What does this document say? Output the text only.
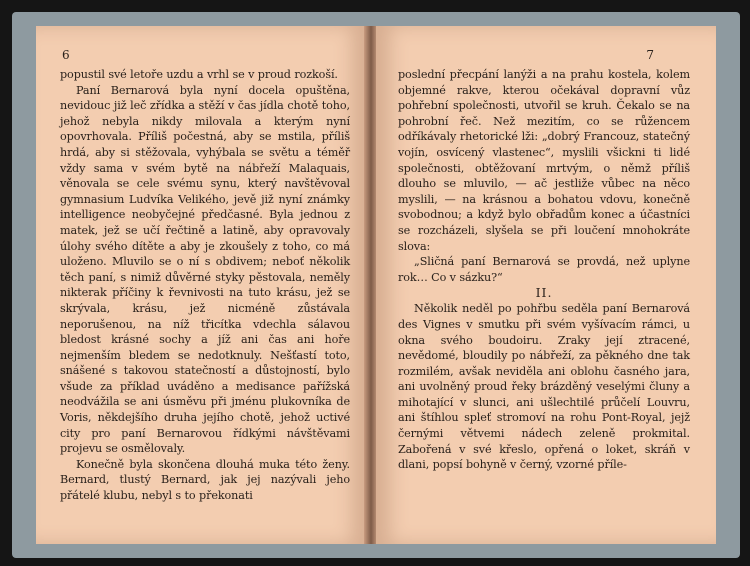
6

popustil své letoře uzdu a vrhl se v proud rozkoší.

Paní Bernarová byla nyní docela opuštěna, nevidouc již leč zřídka a stěží v čas jídla chotě toho, jehož nebyla nikdy milovala a kterým nyní opovrhovala. Příliš počestná, aby se mstila, příliš hrdá, aby si stěžovala, vyhýbala se světu a téměř vždy sama v svém bytě na nábřeží Malaquais, věnovala se cele svému synu, který navštěvoval gymnasium Ludvíka Velikého, jevě již nyní známky intelligence neobyčejné předčasné. Byla jednou z matek, jež se učí řečtině a latině, aby opravovaly úlohy svého dítěte a aby je zkoušely z toho, co má uloženo. Mluvilo se o ní s obdivem; neboť několik těch paní, s nimiž důvěrné styky pěstovala, neměly nikterak příčiny k řevnivosti na tuto krásu, jež se skrývala, krásu, jež nicméně zůstávala neporušenou, na níž třicítka vdechla sálavou bledost krásné sochy a jíž ani čas ani hoře nejmenším bledem se nedotknuly. Nešťastí toto, snášené s takovou statečností a důstojností, bylo všude za příklad uváděno a medisance pařížská neodvážila se ani úsměvu při jménu plukovníka de Voris, někdejšího druha jejího chotě, jehož uctivé city pro paní Bernarovou řídkými návštěvami projevu se osmělovaly.

Konečně byla skončena dlouhá muka této ženy. Bernard, tlustý Bernard, jak jej nazývali jeho přátelé klubu, nebyl s to překonati

7

poslední přecpání lanýži a na prahu kostela, kolem objemné rakve, kterou očekával dopravní vůz pohřební společnosti, utvořil se kruh. Čekalo se na pohrobní řeč. Než mezitím, co se růžencem odříkávaly rhetorické lži: „dobrý Francouz, statečný vojín, osvícený vlastenec“, myslili všickni ti lidé společnosti, obtěžovaní mrtvým, o němž příliš dlouho se mluvilo, — ač jestliže vůbec na něco myslili, — na krásnou a bohatou vdovu, konečně svobodnou; a když bylo obřadům konec a účastníci se rozcházeli, slyšela se při loučení mnohokráte slova:

„Sličná paní Bernarová se provdá, než uplyne rok… Co v sázku?“

II.

Několik neděl po pohřbu seděla paní Bernarová des Vignes v smutku při svém vyšívacím rámci, u okna svého boudoiru. Zraky její ztracené, nevědomé, bloudily po nábřeží, za pěkného dne tak rozmilém, avšak neviděla ani oblohu časného jara, ani uvolněný proud řeky brázděný veselými čluny a mihotající v slunci, ani ušlechtilé průčelí Louvru, ani štíhlou spleť stromoví na rohu Pont-Royal, jejž černými větvemi nádech zeleně prokmital. Zabořená v své křeslo, opřená o loket, skráň v dlani, popsí bohyně v černý, vzorné příle-
